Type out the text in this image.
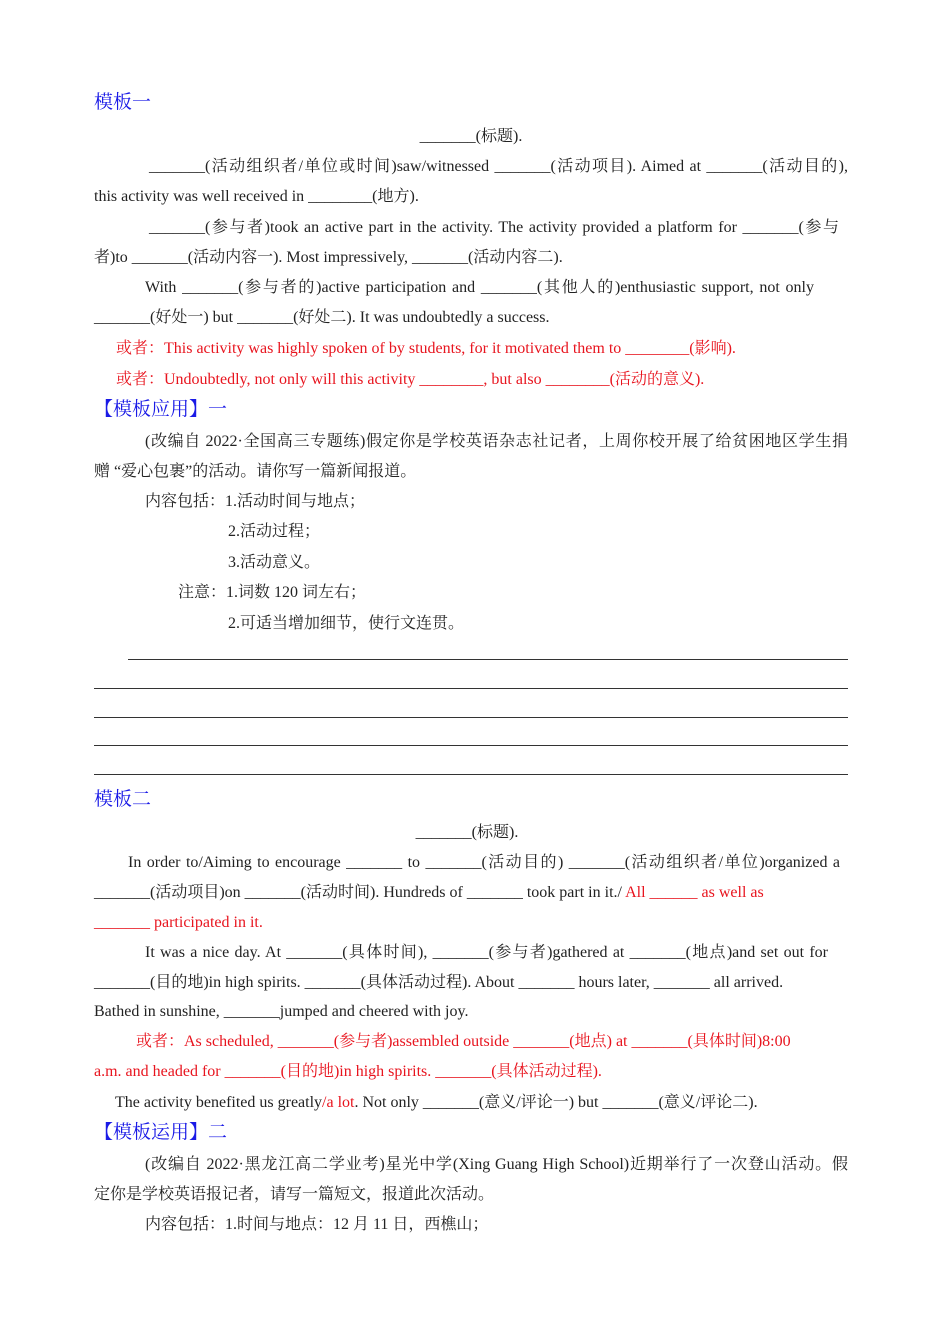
模板一
_______(标题).
_______(活动组织者/单位或时间)saw/witnessed _______(活动项目). Aimed at _______(活动目的),
this activity was well received in ________(地方).
_______(参与者)took an active part in the activity. The activity provided a platform for _______(参与
者)to _______(活动内容一). Most impressively, _______(活动内容二).
With _______(参与者的)active participation and _______(其他人的)enthusiastic support, not only
_______(好处一) but _______(好处二). It was undoubtedly a success.
或者：This activity was highly spoken of by students, for it motivated them to ________(影响).
或者：Undoubtedly, not only will this activity ________, but also ________(活动的意义).
【模板应用】一
(改编自 2022·全国高三专题练)假定你是学校英语杂志社记者，上周你校开展了给贫困地区学生捐
赠 “爱心包裹”的活动。请你写一篇新闻报道。
内容包括：1.活动时间与地点；
2.活动过程；
3.活动意义。
注意：1.词数 120 词左右；
2.可适当增加细节，使行文连贯。
模板二
_______(标题).
In order to/Aiming to encourage _______ to _______(活动目的) _______(活动组织者/单位)organized a
_______(活动项目)on _______(活动时间). Hundreds of _______ took part in it./ All ______ as well as
_______ participated in it.
It was a nice day. At _______(具体时间), _______(参与者)gathered at _______(地点)and set out for
_______(目的地)in high spirits. _______(具体活动过程). About _______ hours later, _______ all arrived.
Bathed in sunshine, _______jumped and cheered with joy.
或者：As scheduled, _______(参与者)assembled outside _______(地点) at _______(具体时间)8:00
a.m. and headed for _______(目的地)in high spirits. _______(具体活动过程).
The activity benefited us greatly/a lot. Not only _______(意义/评论一) but _______(意义/评论二).
【模板运用】二
(改编自 2022·黑龙江高二学业考)星光中学(Xing Guang High School)近期举行了一次登山活动。假
定你是学校英语报记者，请写一篇短文，报道此次活动。
内容包括：1.时间与地点：12 月 11 日，西樵山；
